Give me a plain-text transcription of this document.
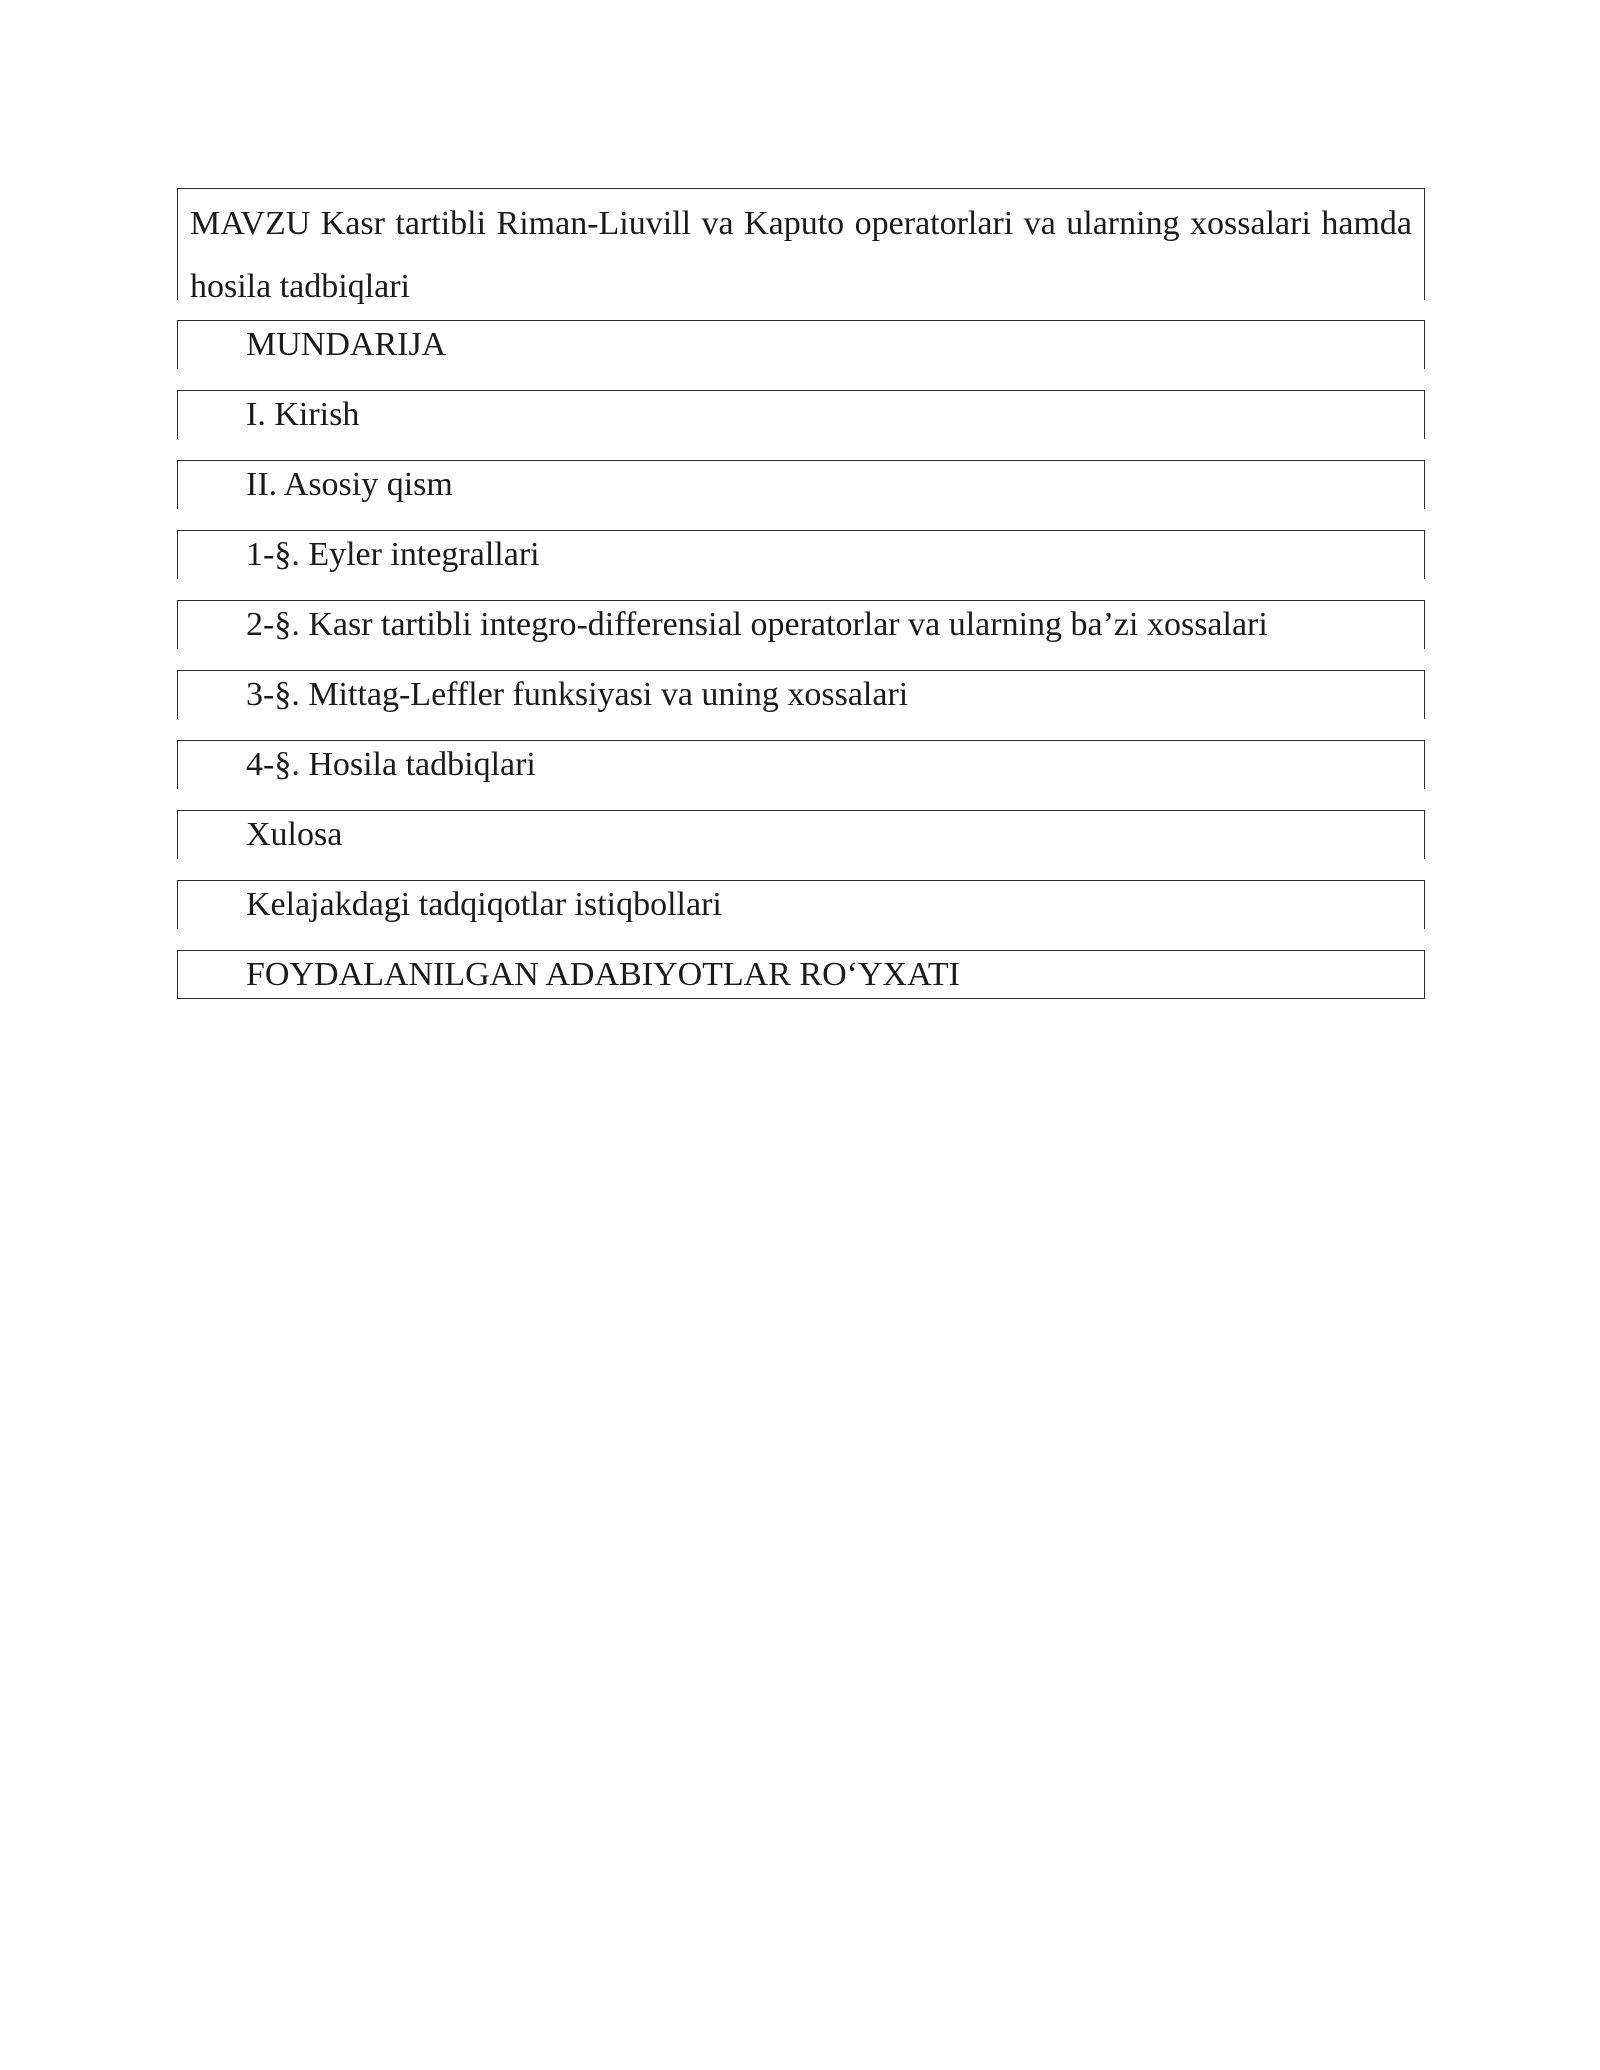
MAVZU Kasr tartibli Riman-Liuvill va Kaputo operatorlari va ularning xossalari hamda hosila tadbiqlari
MUNDARIJA
I. Kirish
II. Asosiy qism
1-§. Eyler integrallari
2-§. Kasr tartibli integro-differensial operatorlar va ularning ba’zi xossalari
3-§. Mittag-Leffler funksiyasi va uning xossalari
4-§. Hosila tadbiqlari
Xulosa
Kelajakdagi tadqiqotlar istiqbollari
FOYDALANILGAN ADABIYOTLAR RO‘YXATI
